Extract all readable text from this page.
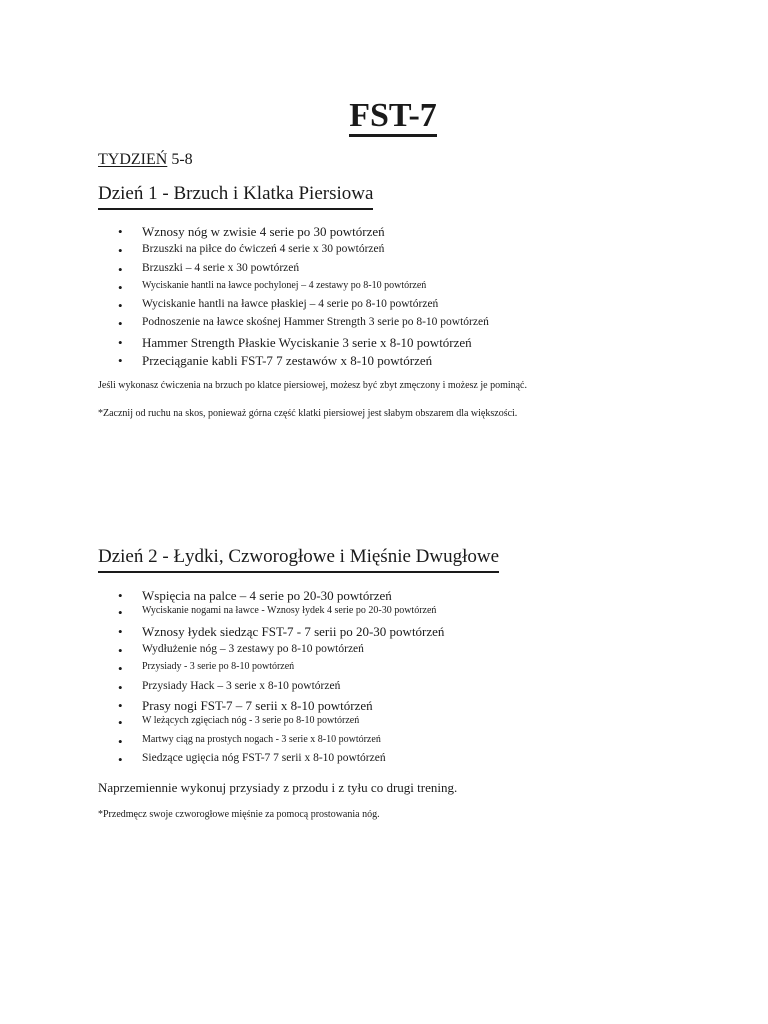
FST-7
TYDZIEŃ 5-8
Dzień 1 - Brzuch i Klatka Piersiowa
• Wznosy nóg w zwisie 4 serie po 30 powtórzeń
• Brzuszki na piłce do ćwiczeń 4 serie x 30 powtórzeń
• Brzuszki – 4 serie x 30 powtórzeń
• Wyciskanie hantli na ławce pochylonej – 4 zestawy po 8-10 powtórzeń
• Wyciskanie hantli na ławce płaskiej – 4 serie po 8-10 powtórzeń
• Podnoszenie na ławce skośnej Hammer Strength 3 serie po 8-10 powtórzeń
• Hammer Strength Płaskie Wyciskanie 3 serie x 8-10 powtórzeń
• Przeciąganie kabli FST-7 7 zestawów x 8-10 powtórzeń

Jeśli wykonasz ćwiczenia na brzuch po klatce piersiowej, możesz być zbyt zmęczony i możesz je pominąć.

*Zacznij od ruchu na skos, ponieważ górna część klatki piersiowej jest słabym obszarem dla większości.

Dzień 2 - Łydki, Czworogłowe i Mięśnie Dwugłowe
• Wspięcia na palce – 4 serie po 20-30 powtórzeń
• Wyciskanie nogami na ławce - Wznosy łydek 4 serie po 20-30 powtórzeń
• Wznosy łydek siedząc FST-7 - 7 serii po 20-30 powtórzeń
• Wydłużenie nóg – 3 zestawy po 8-10 powtórzeń
• Przysiady - 3 serie po 8-10 powtórzeń
• Przysiady Hack – 3 serie x 8-10 powtórzeń
• Prasy nogi FST-7 – 7 serii x 8-10 powtórzeń
• W leżących zgięciach nóg - 3 serie po 8-10 powtórzeń
• Martwy ciąg na prostych nogach - 3 serie x 8-10 powtórzeń
• Siedzące ugięcia nóg FST-7 7 serii x 8-10 powtórzeń

Naprzemiennie wykonuj przysiady z przodu i z tyłu co drugi trening.

*Przedmęcz swoje czworogłowe mięśnie za pomocą prostowania nóg.
